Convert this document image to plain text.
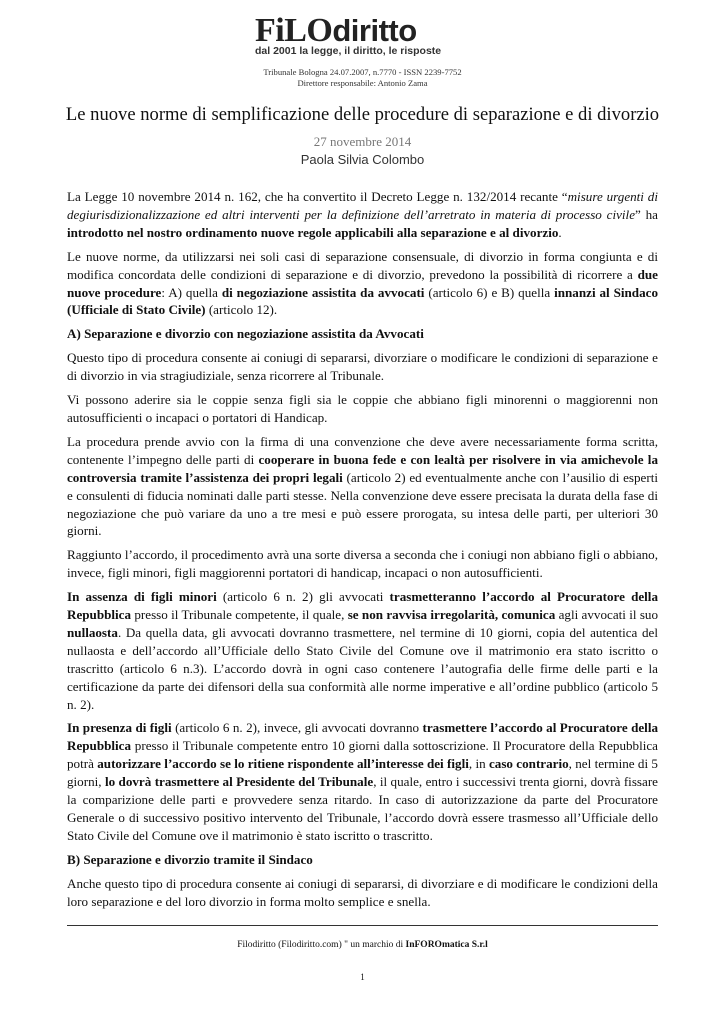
FiLOdiritto
dal 2001 la legge, il diritto, le risposte
Tribunale Bologna 24.07.2007, n.7770 - ISSN 2239-7752
Direttore responsabile: Antonio Zama
Le nuove norme di semplificazione delle procedure di separazione e di divorzio
27 novembre 2014
Paola Silvia Colombo

La Legge 10 novembre 2014 n. 162, che ha convertito il Decreto Legge n. 132/2014 recante “misure urgenti di degiurisdizionalizzazione ed altri interventi per la definizione dell’arretrato in materia di processo civile” ha introdotto nel nostro ordinamento nuove regole applicabili alla separazione e al divorzio.

Le nuove norme, da utilizzarsi nei soli casi di separazione consensuale, di divorzio in forma congiunta e di modifica concordata delle condizioni di separazione e di divorzio, prevedono la possibilità di ricorrere a due nuove procedure: A) quella di negoziazione assistita da avvocati (articolo 6) e B) quella innanzi al Sindaco (Ufficiale di Stato Civile) (articolo 12).

A) Separazione e divorzio con negoziazione assistita da Avvocati

Questo tipo di procedura consente ai coniugi di separarsi, divorziare o modificare le condizioni di separazione e di divorzio in via stragiudiziale, senza ricorrere al Tribunale.

Vi possono aderire sia le coppie senza figli sia le coppie che abbiano figli minorenni o maggiorenni non autosufficienti o incapaci o portatori di Handicap.

La procedura prende avvio con la firma di una convenzione che deve avere necessariamente forma scritta, contenente l’impegno delle parti di cooperare in buona fede e con lealtà per risolvere in via amichevole la controversia tramite l’assistenza dei propri legali (articolo 2) ed eventualmente anche con l’ausilio di esperti e consulenti di fiducia nominati dalle parti stesse. Nella convenzione deve essere precisata la durata della fase di negoziazione che può variare da uno a tre mesi e può essere prorogata, su intesa delle parti, per ulteriori 30 giorni.

Raggiunto l’accordo, il procedimento avrà una sorte diversa a seconda che i coniugi non abbiano figli o abbiano, invece, figli minori, figli maggiorenni portatori di handicap, incapaci o non autosufficienti.

In assenza di figli minori (articolo 6 n. 2) gli avvocati trasmetteranno l’accordo al Procuratore della Repubblica presso il Tribunale competente, il quale, se non ravvisa irregolarità, comunica agli avvocati il suo nullaosta. Da quella data, gli avvocati dovranno trasmettere, nel termine di 10 giorni, copia del autentica del nullaosta e dell’accordo all’Ufficiale dello Stato Civile del Comune ove il matrimonio era stato iscritto o trascritto (articolo 6 n.3). L’accordo dovrà in ogni caso contenere l’autografia delle firme delle parti e la certificazione da parte dei difensori della sua conformità alle norme imperative e all’ordine pubblico (articolo 5 n. 2).

In presenza di figli (articolo 6 n. 2), invece, gli avvocati dovranno trasmettere l’accordo al Procuratore della Repubblica presso il Tribunale competente entro 10 giorni dalla sottoscrizione. Il Procuratore della Repubblica potrà autorizzare l’accordo se lo ritiene rispondente all’interesse dei figli, in caso contrario, nel termine di 5 giorni, lo dovrà trasmettere al Presidente del Tribunale, il quale, entro i successivi trenta giorni, dovrà fissare la comparizione delle parti e provvedere senza ritardo. In caso di autorizzazione da parte del Procuratore Generale o di successivo positivo intervento del Tribunale, l’accordo dovrà essere trasmesso all’Ufficiale dello Stato Civile del Comune ove il matrimonio è stato iscritto o trascritto.

B) Separazione e divorzio tramite il Sindaco

Anche questo tipo di procedura consente ai coniugi di separarsi, di divorziare e di modificare le condizioni della loro separazione e del loro divorzio in forma molto semplice e snella.

Filodiritto (Filodiritto.com) " un marchio di InFOROmatica S.r.l
1
